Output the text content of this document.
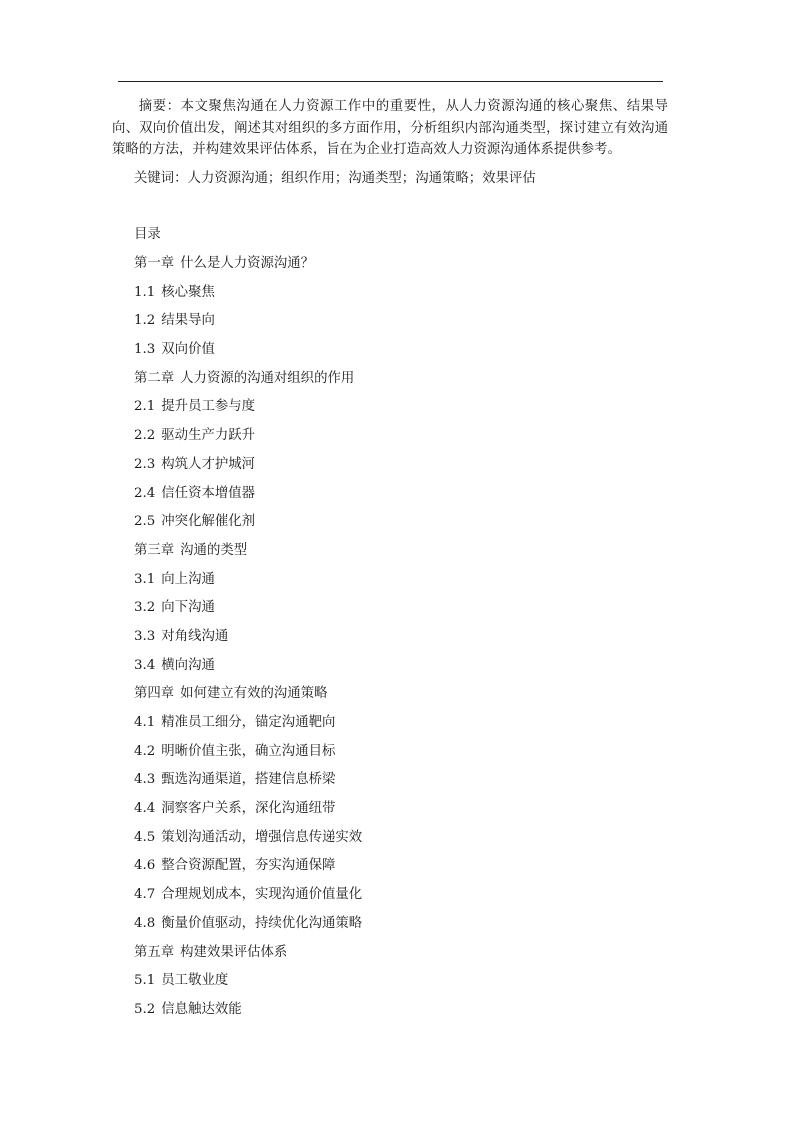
摘要：本文聚焦沟通在人力资源工作中的重要性，从人力资源沟通的核心聚焦、结果导向、双向价值出发，阐述其对组织的多方面作用，分析组织内部沟通类型，探讨建立有效沟通策略的方法，并构建效果评估体系，旨在为企业打造高效人力资源沟通体系提供参考。

关键词：人力资源沟通；组织作用；沟通类型；沟通策略；效果评估
目录
第一章 什么是人力资源沟通？
1.1 核心聚焦
1.2 结果导向
1.3 双向价值
第二章 人力资源的沟通对组织的作用
2.1 提升员工参与度
2.2 驱动生产力跃升
2.3 构筑人才护城河
2.4 信任资本增值器
2.5 冲突化解催化剂
第三章 沟通的类型
3.1 向上沟通
3.2 向下沟通
3.3 对角线沟通
3.4 横向沟通
第四章 如何建立有效的沟通策略
4.1 精准员工细分，锚定沟通靶向
4.2 明晰价值主张，确立沟通目标
4.3 甄选沟通渠道，搭建信息桥梁
4.4 洞察客户关系，深化沟通纽带
4.5 策划沟通活动，增强信息传递实效
4.6 整合资源配置，夯实沟通保障
4.7 合理规划成本，实现沟通价值量化
4.8 衡量价值驱动，持续优化沟通策略
第五章 构建效果评估体系
5.1 员工敬业度
5.2 信息触达效能
